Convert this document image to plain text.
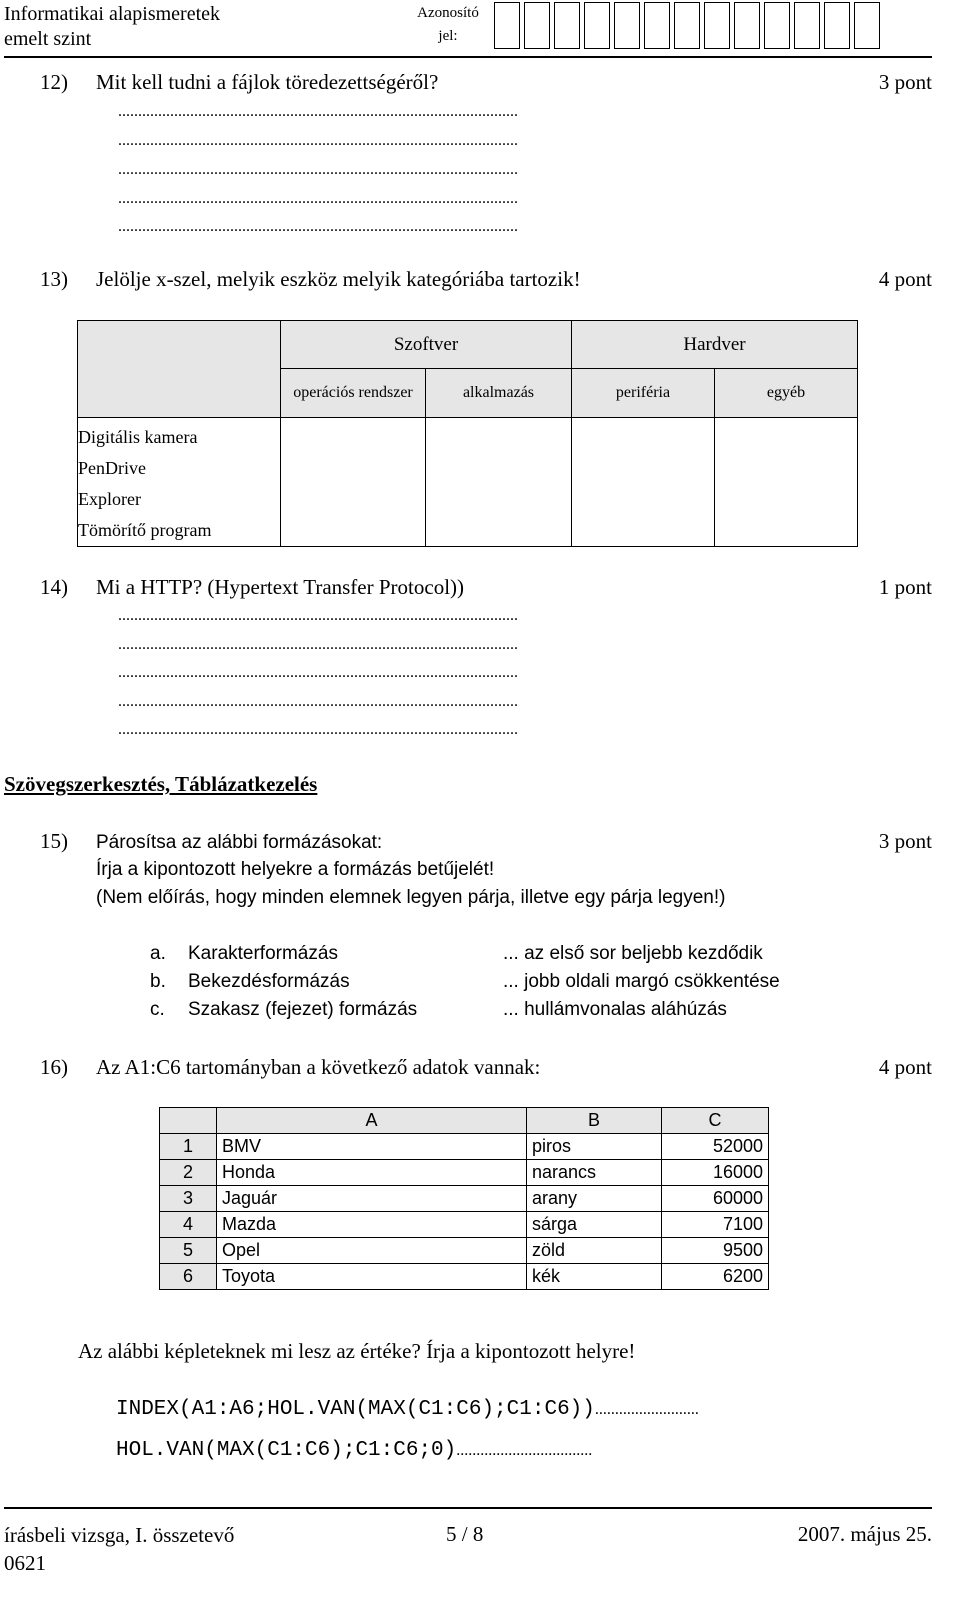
Informatikai alapismeretek
emelt szint
Azonosító
jel:
12) Mit kell tudni a fájlok töredezettségéről?	3 pont
....................................................................................................
....................................................................................................
....................................................................................................
....................................................................................................
....................................................................................................
13) Jelölje x-szel, melyik eszköz melyik kategóriába tartozik!	4 pont
	Szoftver		Hardver	
	operációs rendszer	alkalmazás	periféria	egyéb

Digitális kamera
PenDrive
Explorer
Tömörítő program				

14) Mi a HTTP? (Hypertext Transfer Protocol))	1 pont
....................................................................................................
....................................................................................................
....................................................................................................
....................................................................................................
....................................................................................................
Szövegszerkesztés, Táblázatkezelés
15) Párosítsa az alábbi formázásokat:	3 pont
Írja a kipontozott helyekre a formázás betűjelét!
(Nem előírás, hogy minden elemnek legyen párja, illetve egy párja legyen!)
a. Karakterformázás
b. Bekezdésformázás
c. Szakasz (fejezet) formázás
... az első sor beljebb kezdődik
... jobb oldali margó csökkentése
... hullámvonalas aláhúzás
16) Az A1:C6 tartományban a következő adatok vannak:	4 pont
	A	B	C
1	BMV	piros	52000
2	Honda	narancs	16000
3	Jaguár	arany	60000
4	Mazda	sárga	7100
5	Opel	zöld	9500
6	Toyota	kék	6200
Az alábbi képleteknek mi lesz az értéke? Írja a kipontozott helyre!
INDEX(A1:A6;HOL.VAN(MAX(C1:C6);C1:C6))..........................
HOL.VAN(MAX(C1:C6);C1:C6;0)..................................
írásbeli vizsga, I. összetevő
0621
5 / 8	2007. május 25.
